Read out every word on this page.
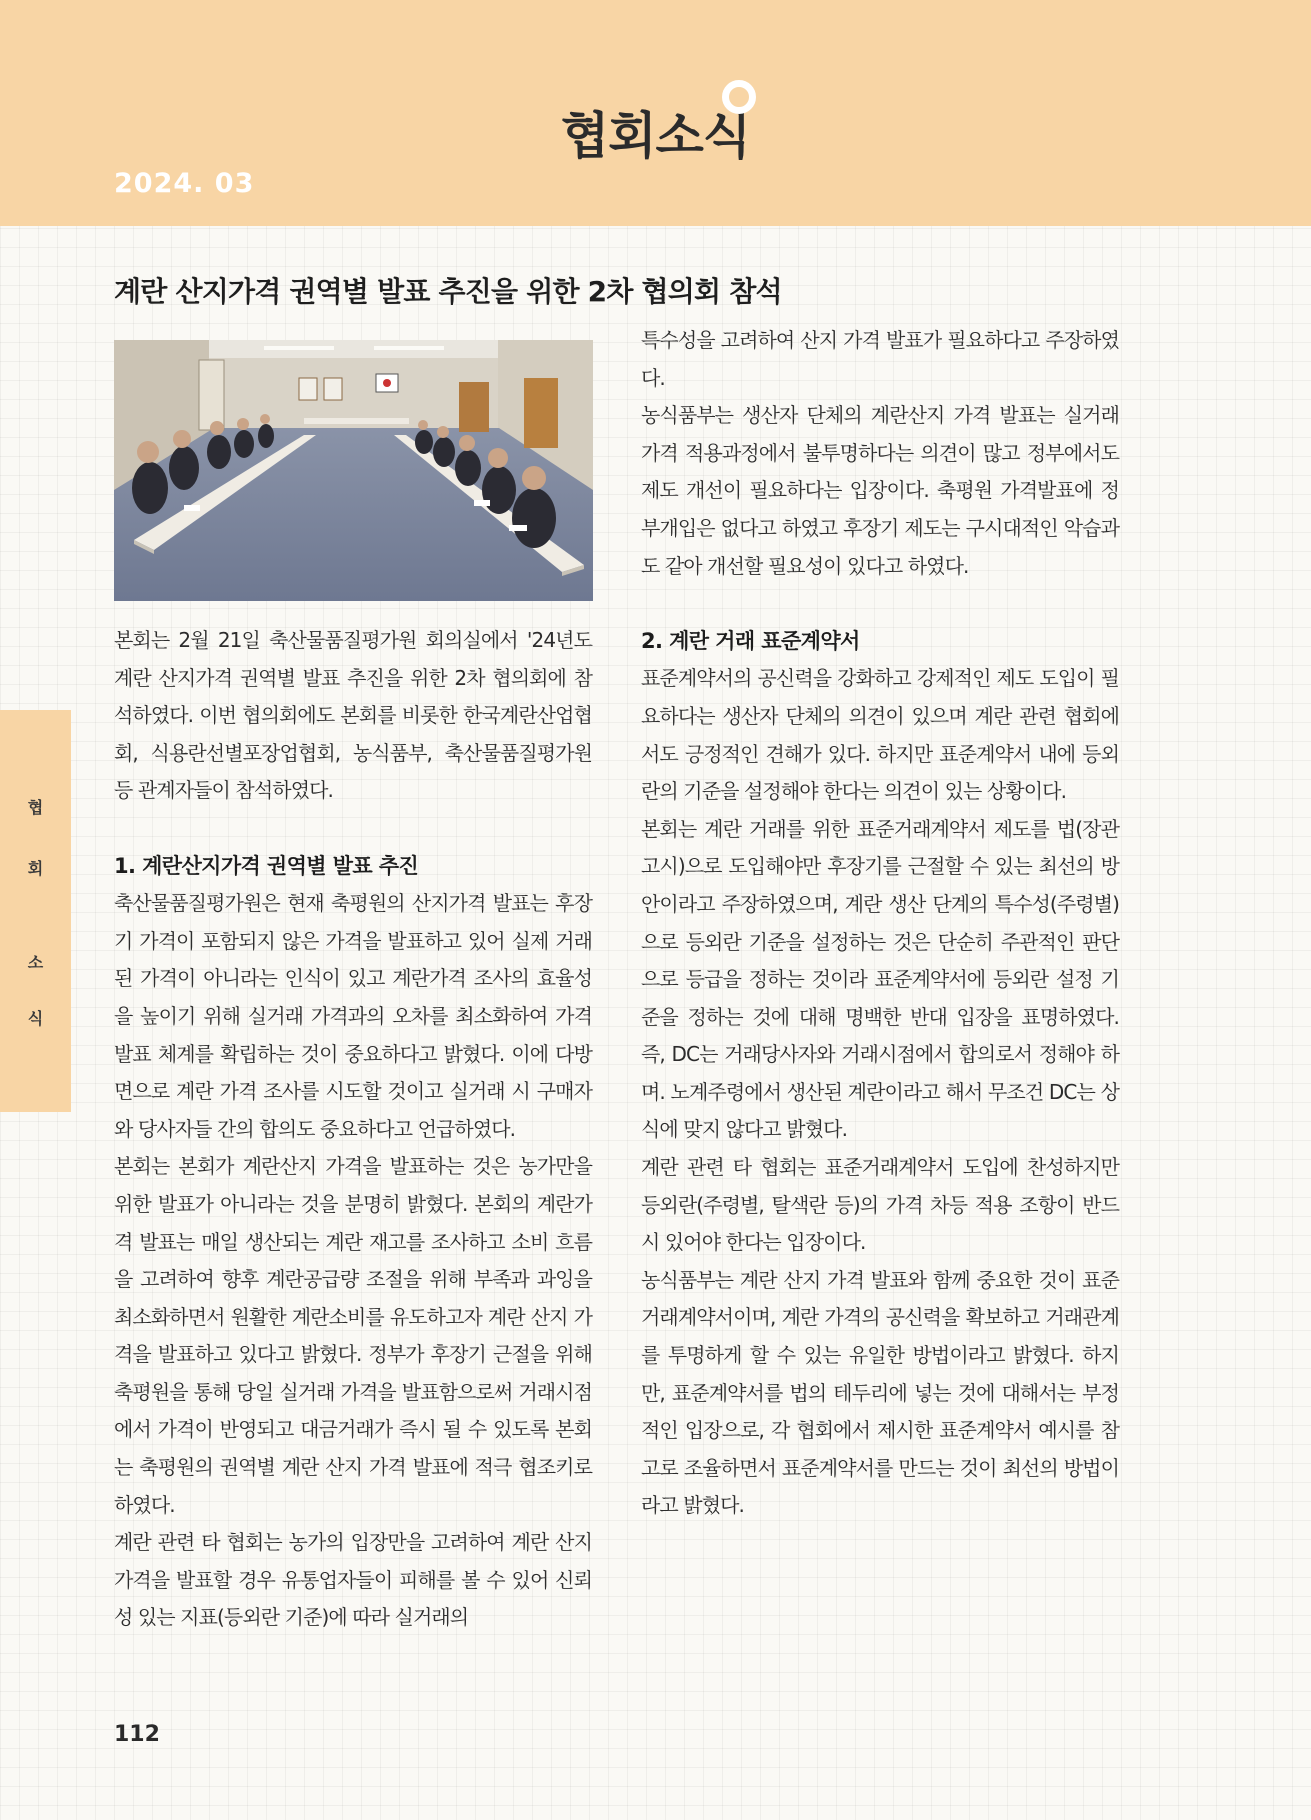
협회소식
2024. 03
계란 산지가격 권역별 발표 추진을 위한 2차 협의회 참석

본회는 2월 21일 축산물품질평가원 회의실에서 '24년도 계란 산지가격 권역별 발표 추진을 위한 2차 협의회에 참석하였다. 이번 협의회에도 본회를 비롯한 한국계란산업협회, 식용란선별포장업협회, 농식품부, 축산물품질평가원 등 관계자들이 참석하였다.

1. 계란산지가격 권역별 발표 추진

축산물품질평가원은 현재 축평원의 산지가격 발표는 후장기 가격이 포함되지 않은 가격을 발표하고 있어 실제 거래된 가격이 아니라는 인식이 있고 계란가격 조사의 효율성을 높이기 위해 실거래 가격과의 오차를 최소화하여 가격발표 체계를 확립하는 것이 중요하다고 밝혔다. 이에 다방면으로 계란 가격 조사를 시도할 것이고 실거래 시 구매자와 당사자들 간의 합의도 중요하다고 언급하였다.

본회는 본회가 계란산지 가격을 발표하는 것은 농가만을 위한 발표가 아니라는 것을 분명히 밝혔다. 본회의 계란가격 발표는 매일 생산되는 계란 재고를 조사하고 소비 흐름을 고려하여 향후 계란공급량 조절을 위해 부족과 과잉을 최소화하면서 원활한 계란소비를 유도하고자 계란 산지 가격을 발표하고 있다고 밝혔다. 정부가 후장기 근절을 위해 축평원을 통해 당일 실거래 가격을 발표함으로써 거래시점에서 가격이 반영되고 대금거래가 즉시 될 수 있도록 본회는 축평원의 권역별 계란 산지 가격 발표에 적극 협조키로 하였다.

계란 관련 타 협회는 농가의 입장만을 고려하여 계란 산지 가격을 발표할 경우 유통업자들이 피해를 볼 수 있어 신뢰성 있는 지표(등외란 기준)에 따라 실거래의

특수성을 고려하여 산지 가격 발표가 필요하다고 주장하였다.

농식품부는 생산자 단체의 계란산지 가격 발표는 실거래 가격 적용과정에서 불투명하다는 의견이 많고 정부에서도 제도 개선이 필요하다는 입장이다. 축평원 가격발표에 정부개입은 없다고 하였고 후장기 제도는 구시대적인 악습과도 같아 개선할 필요성이 있다고 하였다.

2. 계란 거래 표준계약서

표준계약서의 공신력을 강화하고 강제적인 제도 도입이 필요하다는 생산자 단체의 의견이 있으며 계란 관련 협회에서도 긍정적인 견해가 있다. 하지만 표준계약서 내에 등외란의 기준을 설정해야 한다는 의견이 있는 상황이다.

본회는 계란 거래를 위한 표준거래계약서 제도를 법(장관고시)으로 도입해야만 후장기를 근절할 수 있는 최선의 방안이라고 주장하였으며, 계란 생산 단계의 특수성(주령별)으로 등외란 기준을 설정하는 것은 단순히 주관적인 판단으로 등급을 정하는 것이라 표준계약서에 등외란 설정 기준을 정하는 것에 대해 명백한 반대 입장을 표명하였다. 즉, DC는 거래당사자와 거래시점에서 합의로서 정해야 하며. 노계주령에서 생산된 계란이라고 해서 무조건 DC는 상식에 맞지 않다고 밝혔다.

계란 관련 타 협회는 표준거래계약서 도입에 찬성하지만 등외란(주령별, 탈색란 등)의 가격 차등 적용 조항이 반드시 있어야 한다는 입장이다.

농식품부는 계란 산지 가격 발표와 함께 중요한 것이 표준거래계약서이며, 계란 가격의 공신력을 확보하고 거래관계를 투명하게 할 수 있는 유일한 방법이라고 밝혔다. 하지만, 표준계약서를 법의 테두리에 넣는 것에 대해서는 부정적인 입장으로, 각 협회에서 제시한 표준계약서 예시를 참고로 조율하면서 표준계약서를 만드는 것이 최선의 방법이라고 밝혔다.

협
회
소
식
112
